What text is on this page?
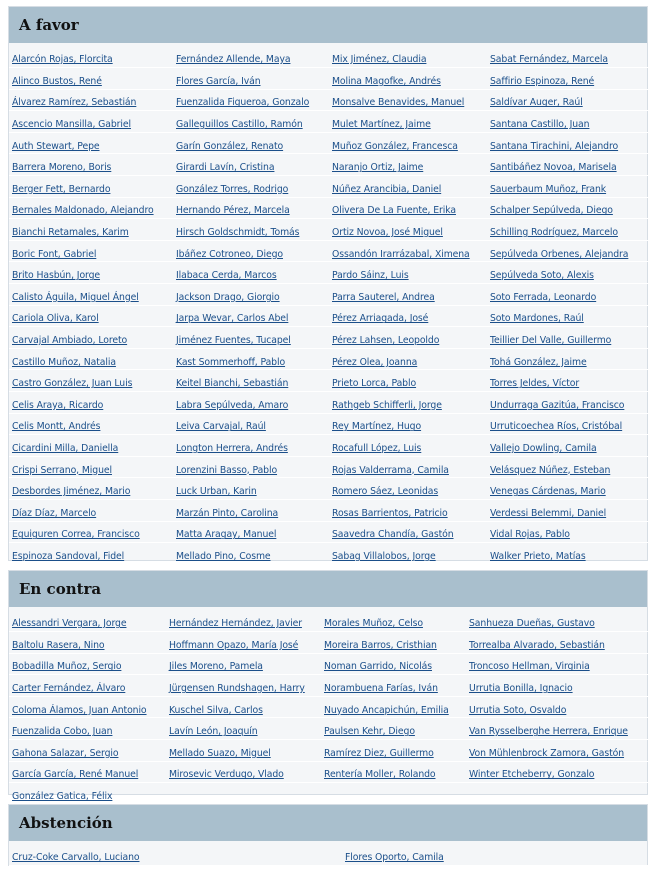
A favor
Alarcón Rojas, Florcita	Fernández Allende, Maya	Mix Jiménez, Claudia	Sabat Fernández, Marcela
Alinco Bustos, René	Flores García, Iván	Molina Magofke, Andrés	Saffirio Espinoza, René
Álvarez Ramírez, Sebastián	Fuenzalida Figueroa, Gonzalo	Monsalve Benavides, Manuel	Saldívar Auger, Raúl
Ascencio Mansilla, Gabriel	Galleguillos Castillo, Ramón	Mulet Martínez, Jaime	Santana Castillo, Juan
Auth Stewart, Pepe	Garín González, Renato	Muñoz González, Francesca	Santana Tirachini, Alejandro
Barrera Moreno, Boris	Girardi Lavín, Cristina	Naranjo Ortiz, Jaime	Santibáñez Novoa, Marisela
Berger Fett, Bernardo	González Torres, Rodrigo	Núñez Arancibia, Daniel	Sauerbaum Muñoz, Frank
Bernales Maldonado, Alejandro	Hernando Pérez, Marcela	Olivera De La Fuente, Erika	Schalper Sepúlveda, Diego
Bianchi Retamales, Karim	Hirsch Goldschmidt, Tomás	Ortiz Novoa, José Miguel	Schilling Rodríguez, Marcelo
Boric Font, Gabriel	Ibáñez Cotroneo, Diego	Ossandón Irarrázabal, Ximena	Sepúlveda Orbenes, Alejandra
Brito Hasbún, Jorge	Ilabaca Cerda, Marcos	Pardo Sáinz, Luis	Sepúlveda Soto, Alexis
Calisto Águila, Miguel Ángel	Jackson Drago, Giorgio	Parra Sauterel, Andrea	Soto Ferrada, Leonardo
Cariola Oliva, Karol	Jarpa Wevar, Carlos Abel	Pérez Arriagada, José	Soto Mardones, Raúl
Carvajal Ambiado, Loreto	Jiménez Fuentes, Tucapel	Pérez Lahsen, Leopoldo	Teillier Del Valle, Guillermo
Castillo Muñoz, Natalia	Kast Sommerhoff, Pablo	Pérez Olea, Joanna	Tohá González, Jaime
Castro González, Juan Luis	Keitel Bianchi, Sebastián	Prieto Lorca, Pablo	Torres Jeldes, Víctor
Celis Araya, Ricardo	Labra Sepúlveda, Amaro	Rathgeb Schifferli, Jorge	Undurraga Gazitúa, Francisco
Celis Montt, Andrés	Leiva Carvajal, Raúl	Rey Martínez, Hugo	Urruticoechea Ríos, Cristóbal
Cicardini Milla, Daniella	Longton Herrera, Andrés	Rocafull López, Luis	Vallejo Dowling, Camila
Crispi Serrano, Miguel	Lorenzini Basso, Pablo	Rojas Valderrama, Camila	Velásquez Núñez, Esteban
Desbordes Jiménez, Mario	Luck Urban, Karin	Romero Sáez, Leonidas	Venegas Cárdenas, Mario
Díaz Díaz, Marcelo	Marzán Pinto, Carolina	Rosas Barrientos, Patricio	Verdessi Belemmi, Daniel
Eguiguren Correa, Francisco	Matta Aragay, Manuel	Saavedra Chandía, Gastón	Vidal Rojas, Pablo
Espinoza Sandoval, Fidel	Mellado Pino, Cosme	Sabag Villalobos, Jorge	Walker Prieto, Matías
En contra
Alessandri Vergara, Jorge	Hernández Hernández, Javier	Morales Muñoz, Celso	Sanhueza Dueñas, Gustavo
Baltolu Rasera, Nino	Hoffmann Opazo, María José	Moreira Barros, Cristhian	Torrealba Alvarado, Sebastián
Bobadilla Muñoz, Sergio	Jiles Moreno, Pamela	Noman Garrido, Nicolás	Troncoso Hellman, Virginia
Carter Fernández, Álvaro	Jürgensen Rundshagen, Harry	Norambuena Farías, Iván	Urrutia Bonilla, Ignacio
Coloma Álamos, Juan Antonio	Kuschel Silva, Carlos	Nuyado Ancapichún, Emilia	Urrutia Soto, Osvaldo
Fuenzalida Cobo, Juan	Lavín León, Joaquín	Paulsen Kehr, Diego	Van Rysselberghe Herrera, Enrique
Gahona Salazar, Sergio	Mellado Suazo, Miguel	Ramírez Diez, Guillermo	Von Mühlenbrock Zamora, Gastón
García García, René Manuel	Mirosevic Verdugo, Vlado	Rentería Moller, Rolando	Winter Etcheberry, Gonzalo
González Gatica, Félix			
Abstención
Cruz-Coke Carvallo, Luciano	Flores Oporto, Camila
